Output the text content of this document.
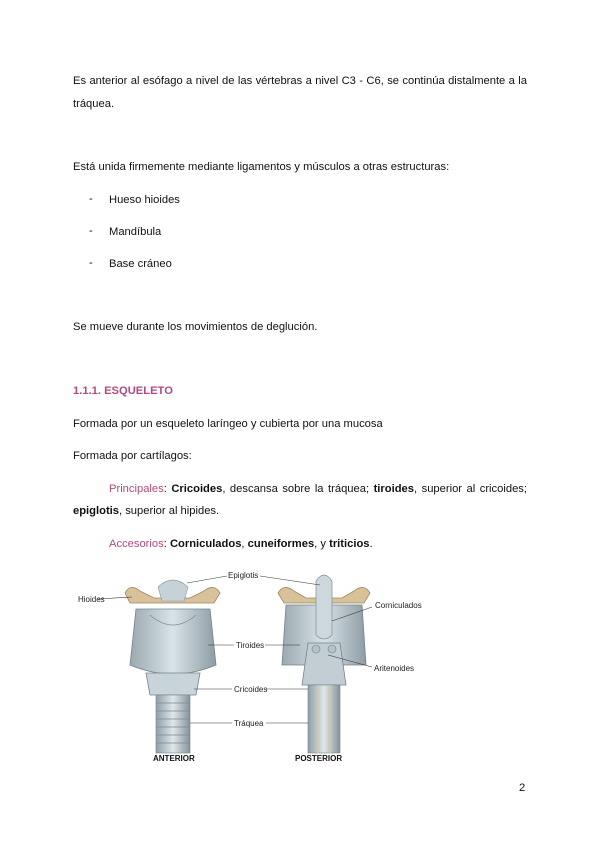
Es anterior al esófago a nivel de las vértebras a nivel C3 - C6, se continúa distalmente a la
tráquea.
Está unida firmemente mediante ligamentos y músculos a otras estructuras:
- Hueso hioides
- Mandíbula
- Base cráneo
Se mueve durante los movimientos de deglución.
1.1.1. ESQUELETO
Formada por un esqueleto laríngeo y cubierta por una mucosa
Formada por cartílagos:
Principales: Cricoides, descansa sobre la tráquea; tiroides, superior al cricoides;
epiglotis, superior al hipides.
Accesorios: Corniculados, cuneiformes, y triticios.
Epiglotis
Hioides
Corniculados
Tiroides
Aritenoides
Cricoides
Tráquea
ANTERIOR	POSTERIOR
2
